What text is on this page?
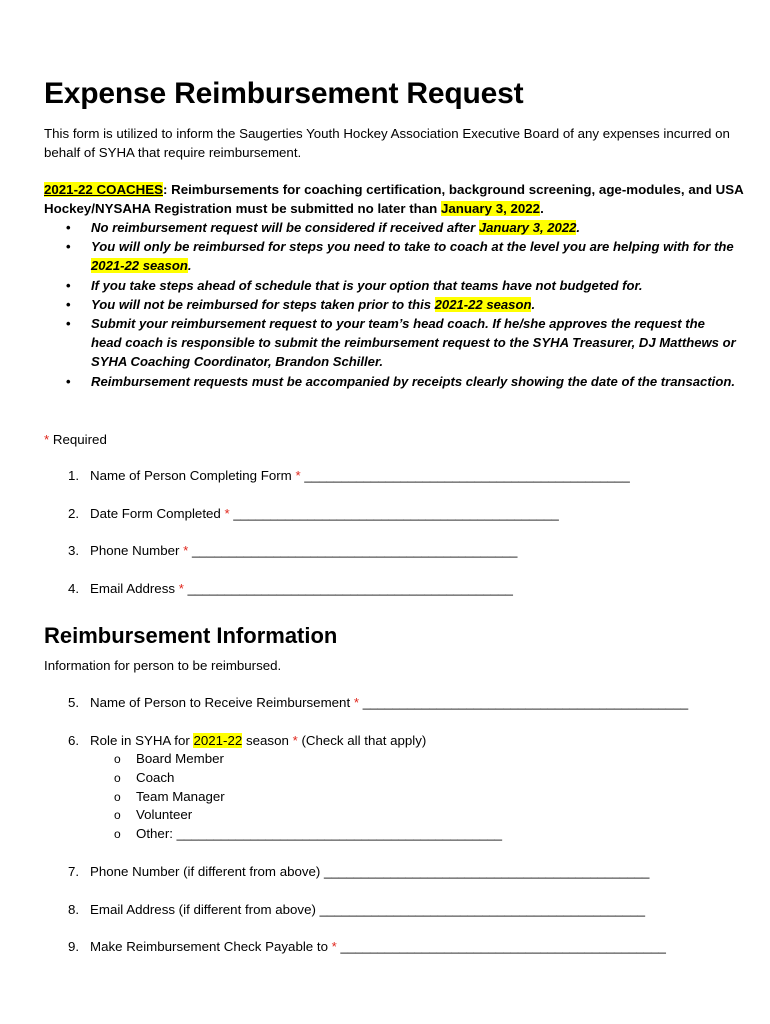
Expense Reimbursement Request
This form is utilized to inform the Saugerties Youth Hockey Association Executive Board of any expenses incurred on behalf of SYHA that require reimbursement.
2021-22 COACHES: Reimbursements for coaching certification, background screening, age-modules, and USA Hockey/NYSAHA Registration must be submitted no later than January 3, 2022.
• No reimbursement request will be considered if received after January 3, 2022.
• You will only be reimbursed for steps you need to take to coach at the level you are helping with for the 2021-22 season.
• If you take steps ahead of schedule that is your option that teams have not budgeted for.
• You will not be reimbursed for steps taken prior to this 2021-22 season.
• Submit your reimbursement request to your team’s head coach. If he/she approves the request the head coach is responsible to submit the reimbursement request to the SYHA Treasurer, DJ Matthews or SYHA Coaching Coordinator, Brandon Schiller.
• Reimbursement requests must be accompanied by receipts clearly showing the date of the transaction.
* Required
1. Name of Person Completing Form * ____________________________________________
2. Date Form Completed * ____________________________________________
3. Phone Number * ____________________________________________
4. Email Address * ____________________________________________
Reimbursement Information
Information for person to be reimbursed.
5. Name of Person to Receive Reimbursement * ____________________________________________
6. Role in SYHA for 2021-22 season * (Check all that apply)
o Board Member
o Coach
o Team Manager
o Volunteer
o Other: ____________________________________________
7. Phone Number (if different from above) ____________________________________________
8. Email Address (if different from above) ____________________________________________
9. Make Reimbursement Check Payable to * ____________________________________________
